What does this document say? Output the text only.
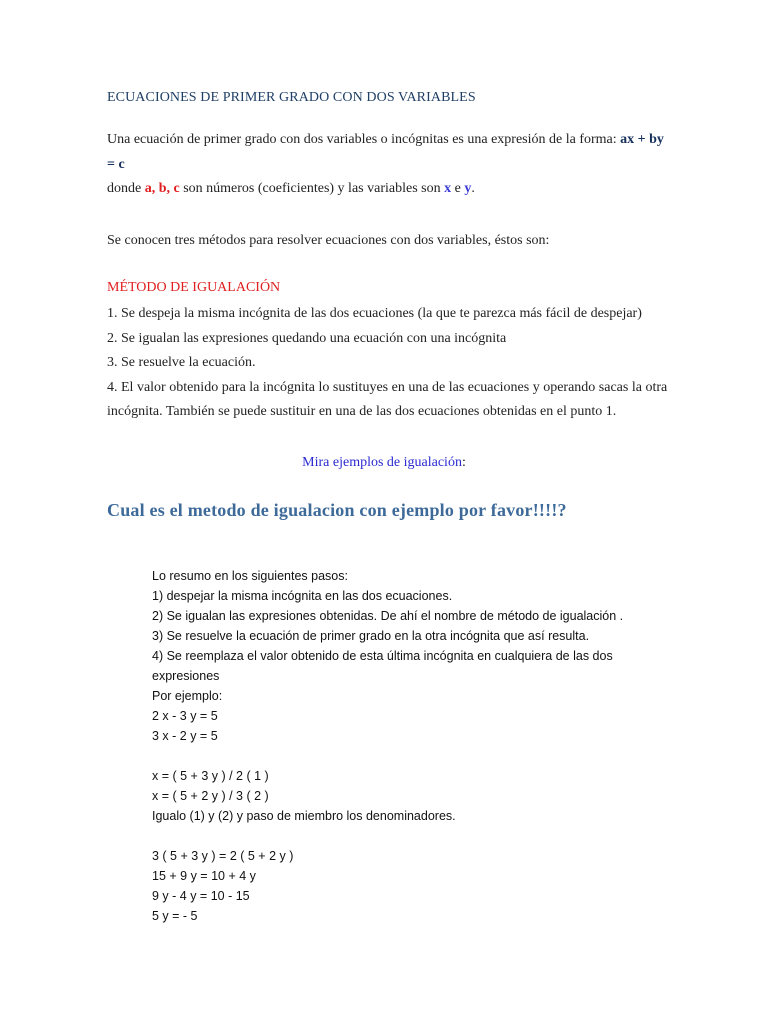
ECUACIONES DE PRIMER GRADO CON DOS VARIABLES
Una ecuación de primer grado con dos variables o incógnitas es una expresión de la forma: ax + by
= c
donde a, b, c son números (coeficientes) y las variables son x e y.
Se conocen tres métodos para resolver ecuaciones con dos variables, éstos son:
MÉTODO DE IGUALACIÓN
1. Se despeja la misma incógnita de las dos ecuaciones (la que te parezca más fácil de despejar)
2. Se igualan las expresiones quedando una ecuación con una incógnita
3. Se resuelve la ecuación.
4. El valor obtenido para la incógnita lo sustituyes en una de las ecuaciones y operando sacas la otra
incógnita. También se puede sustituir en una de las dos ecuaciones obtenidas en el punto 1.
Mira ejemplos de igualación:
Cual es el metodo de igualacion con ejemplo por favor!!!!?
Lo resumo en los siguientes pasos:
1) despejar la misma incógnita en las dos ecuaciones.
2) Se igualan las expresiones obtenidas. De ahí el nombre de método de igualación .
3) Se resuelve la ecuación de primer grado en la otra incógnita que así resulta.
4) Se reemplaza el valor obtenido de esta última incógnita en cualquiera de las dos
expresiones
Por ejemplo:
2 x - 3 y = 5
3 x - 2 y = 5
x = ( 5 + 3 y ) / 2 ( 1 )
x = ( 5 + 2 y ) / 3 ( 2 )
Igualo (1) y (2) y paso de miembro los denominadores.
3 ( 5 + 3 y ) = 2 ( 5 + 2 y )
15 + 9 y = 10 + 4 y
9 y - 4 y = 10 - 15
5 y = - 5
